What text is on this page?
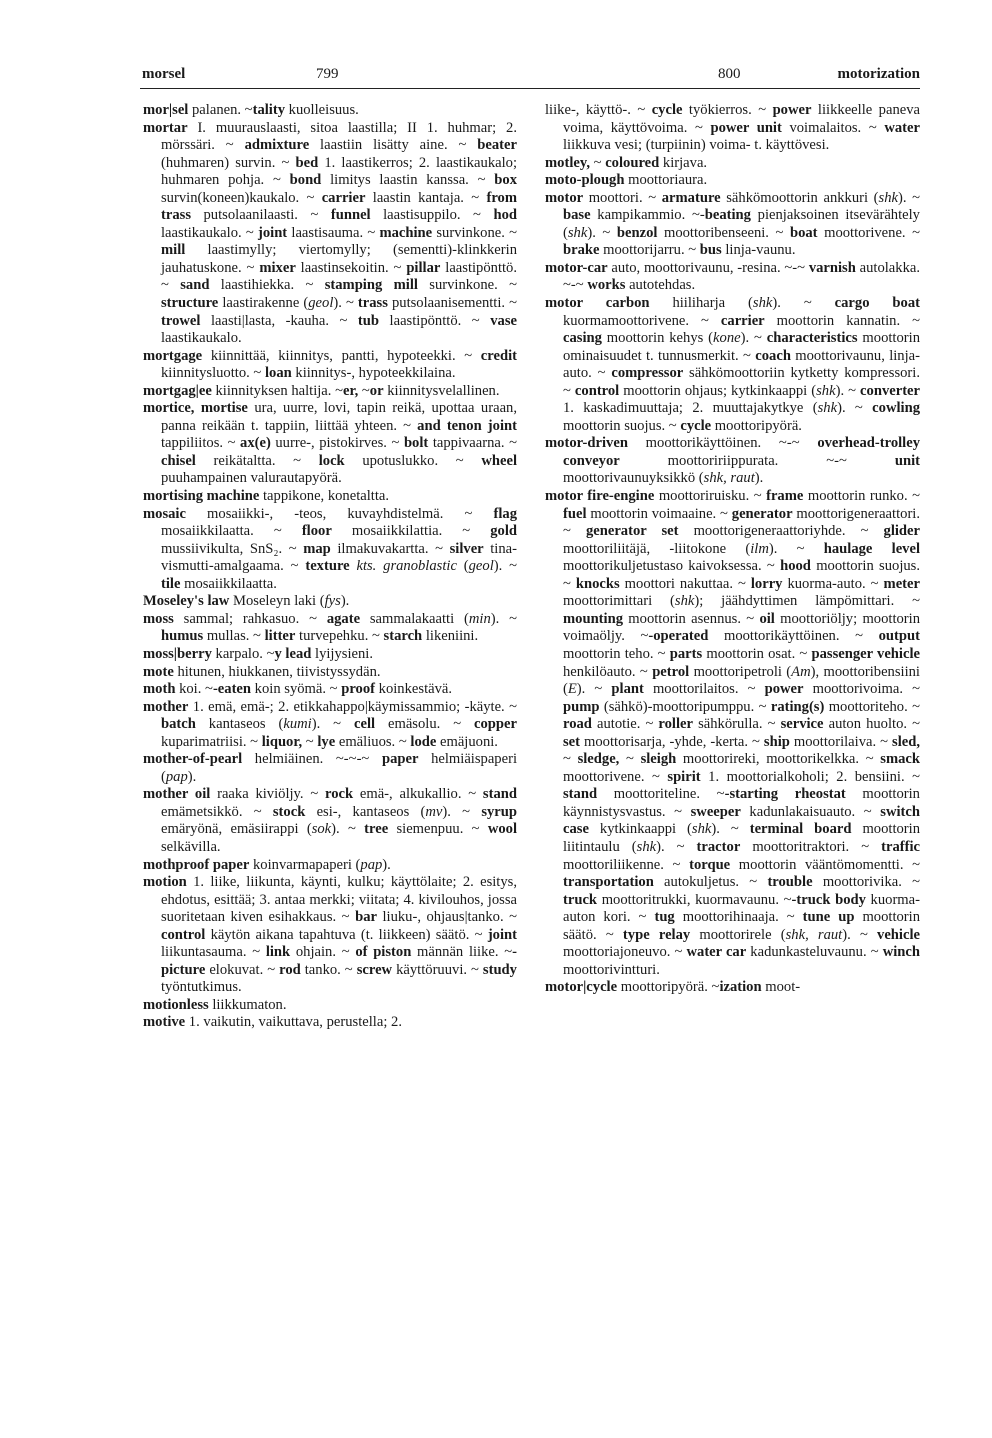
morsel	799	800	motorization

mor|sel palanen. ~tality kuolleisuus.

mortar I. muurauslaasti, sitoa laastilla; II 1. huhmar; 2. mörssäri. ~ admixture laastiin lisätty aine. ~ beater (huhmaren) survin. ~ bed 1. laastikerros; 2. laastikaukalo; huhmaren pohja. ~ bond limitys laastin kanssa. ~ box survin(koneen)kaukalo. ~ carrier laastin kantaja. ~ from trass putsolaanilaasti. ~ funnel laastisuppilo. ~ hod laastikaukalo. ~ joint laastisauma. ~ machine survinkone. ~ mill laastimylly; viertomylly; (sementti)-klinkkerin jauhatuskone. ~ mixer laastinsekoitin. ~ pillar laastipönttö. ~ sand laastihiekka. ~ stamping mill survinkone. ~ structure laastirakenne (geol). ~ trass putsolaanisementti. ~ trowel laasti|lasta, -kauha. ~ tub laastipönttö. ~ vase laastikaukalo.

mortgage kiinnittää, kiinnitys, pantti, hypoteekki. ~ credit kiinnitysluotto. ~ loan kiinnitys-, hypoteekkilaina.

mortgag|ee kiinnityksen haltija. ~er, ~or kiinnitysvelallinen.

mortice, mortise ura, uurre, lovi, tapin reikä, upottaa uraan, panna reikään t. tappiin, liittää yhteen. ~ and tenon joint tappiliitos. ~ ax(e) uurre-, pistokirves. ~ bolt tappivaarna. ~ chisel reikätaltta. ~ lock upotuslukko. ~ wheel puuhampainen valurautapyörä.

mortising machine tappikone, konetaltta.

mosaic mosaiikki-, -teos, kuvayhdistelmä. ~ flag mosaiikkilaatta. ~ floor mosaiikkilattia. ~ gold mussiivikulta, SnS₂. ~ map ilmakuvakartta. ~ silver tina-vismutti-amalgaama. ~ texture kts. granoblastic (geol). ~ tile mosaiikkilaatta.

Moseley's law Moseleyn laki (fys).

moss sammal; rahkasuo. ~ agate sammalakaatti (min). ~ humus mullas. ~ litter turvepehku. ~ starch likeniini.

moss|berry karpalo. ~y lead lyijysieni.

mote hitunen, hiukkanen, tiivistyssydän.

moth koi. ~-eaten koin syömä. ~ proof koinkestävä.

mother 1. emä, emä-; 2. etikkahappo|käymissammio; -käyte. ~ batch kantaseos (kumi). ~ cell emäsolu. ~ copper kuparimatriisi. ~ liquor, ~ lye emäliuos. ~ lode emäjuoni.

mother-of-pearl helmiäinen. ~-~-~ paper helmiäispaperi (pap).

mother oil raaka kiviöljy. ~ rock emä-, alkukallio. ~ stand emämetsikkö. ~ stock esi-, kantaseos (mv). ~ syrup emäryönä, emäsiirappi (sok). ~ tree siemenpuu. ~ wool selkävilla.

mothproof paper koinvarmapaperi (pap).

motion 1. liike, liikunta, käynti, kulku; käyttölaite; 2. esitys, ehdotus, esittää; 3. antaa merkki; viitata; 4. kivilouhos, jossa suoritetaan kiven esihakkaus. ~ bar liuku-, ohjaus|tanko. ~ control käytön aikana tapahtuva (t. liikkeen) säätö. ~ joint liikuntasauma. ~ link ohjain. ~ of piston männän liike. ~-picture elokuvat. ~ rod tanko. ~ screw käyttöruuvi. ~ study työntutkimus.

motionless liikkumaton.

motive 1. vaikutin, vaikuttava, perustella; 2.

liike-, käyttö-. ~ cycle työkierros. ~ power liikkeelle paneva voima, käyttövoima. ~ power unit voimalaitos. ~ water liikkuva vesi; (turpiinin) voima- t. käyttövesi.

motley, ~ coloured kirjava.

moto-plough moottoriaura.

motor moottori. ~ armature sähkömoottorin ankkuri (shk). ~ base kampikammio. ~-beating pienjaksoinen itsevärähtely (shk). ~ benzol moottoribenseeni. ~ boat moottorivene. ~ brake moottorijarru. ~ bus linja-vaunu.

motor-car auto, moottorivaunu, -resina. ~-~ varnish autolakka. ~-~ works autotehdas.

motor carbon hiiliharja (shk). ~ cargo boat kuormamoottorivene. ~ carrier moottorin kannatin. ~ casing moottorin kehys (kone). ~ characteristics moottorin ominaisuudet t. tunnusmerkit. ~ coach moottorivaunu, linja-auto. ~ compressor sähkömoottoriin kytketty kompressori. ~ control moottorin ohjaus; kytkinkaappi (shk). ~ converter 1. kaskadimuuttaja; 2. muuttajakytkye (shk). ~ cowling moottorin suojus. ~ cycle moottoripyörä.

motor-driven moottorikäyttöinen. ~-~ overhead-trolley conveyor moottoririippurata. ~-~ unit moottorivaunuyksikkö (shk, raut).

motor fire-engine moottoriruisku. ~ frame moottorin runko. ~ fuel moottorin voimaaine. ~ generator moottorigeneraattori. ~ generator set moottorigeneraattoriyhde. ~ glider moottoriliitäjä, -liitokone (ilm). ~ haulage level moottorikuljetustaso kaivoksessa. ~ hood moottorin suojus. ~ knocks moottori nakuttaa. ~ lorry kuorma-auto. ~ meter moottorimittari (shk); jäähdyttimen lämpömittari. ~ mounting moottorin asennus. ~ oil moottoriöljy; moottorin voimaöljy. ~-operated moottorikäyttöinen. ~ output moottorin teho. ~ parts moottorin osat. ~ passenger vehicle henkilöauto. ~ petrol moottoripetroli (Am), moottoribensiini (E). ~ plant moottorilaitos. ~ power moottorivoima. ~ pump (sähkö)-moottoripumppu. ~ rating(s) moottoriteho. ~ road autotie. ~ roller sähkörulla. ~ service auton huolto. ~ set moottorisarja, -yhde, -kerta. ~ ship moottorilaiva. ~ sled, ~ sledge, ~ sleigh moottorireki, moottorikelkka. ~ smack moottorivene. ~ spirit 1. moottorialkoholi; 2. bensiini. ~ stand moottoriteline. ~-starting rheostat moottorin käynnistysvastus. ~ sweeper kadunlakaisuauto. ~ switch case kytkinkaappi (shk). ~ terminal board moottorin liitintaulu (shk). ~ tractor moottoritraktori. ~ traffic moottoriliikenne. ~ torque moottorin vääntömomentti. ~ transportation autokuljetus. ~ trouble moottorivika. ~ truck moottoritrukki, kuormavaunu. ~-truck body kuorma-auton kori. ~ tug moottorihinaaja. ~ tune up moottorin säätö. ~ type relay moottorirele (shk, raut). ~ vehicle moottoriajoneuvo. ~ water car kadunkasteluvaunu. ~ winch moottorivintturi.

motor|cycle moottoripyörä. ~ization moot-
